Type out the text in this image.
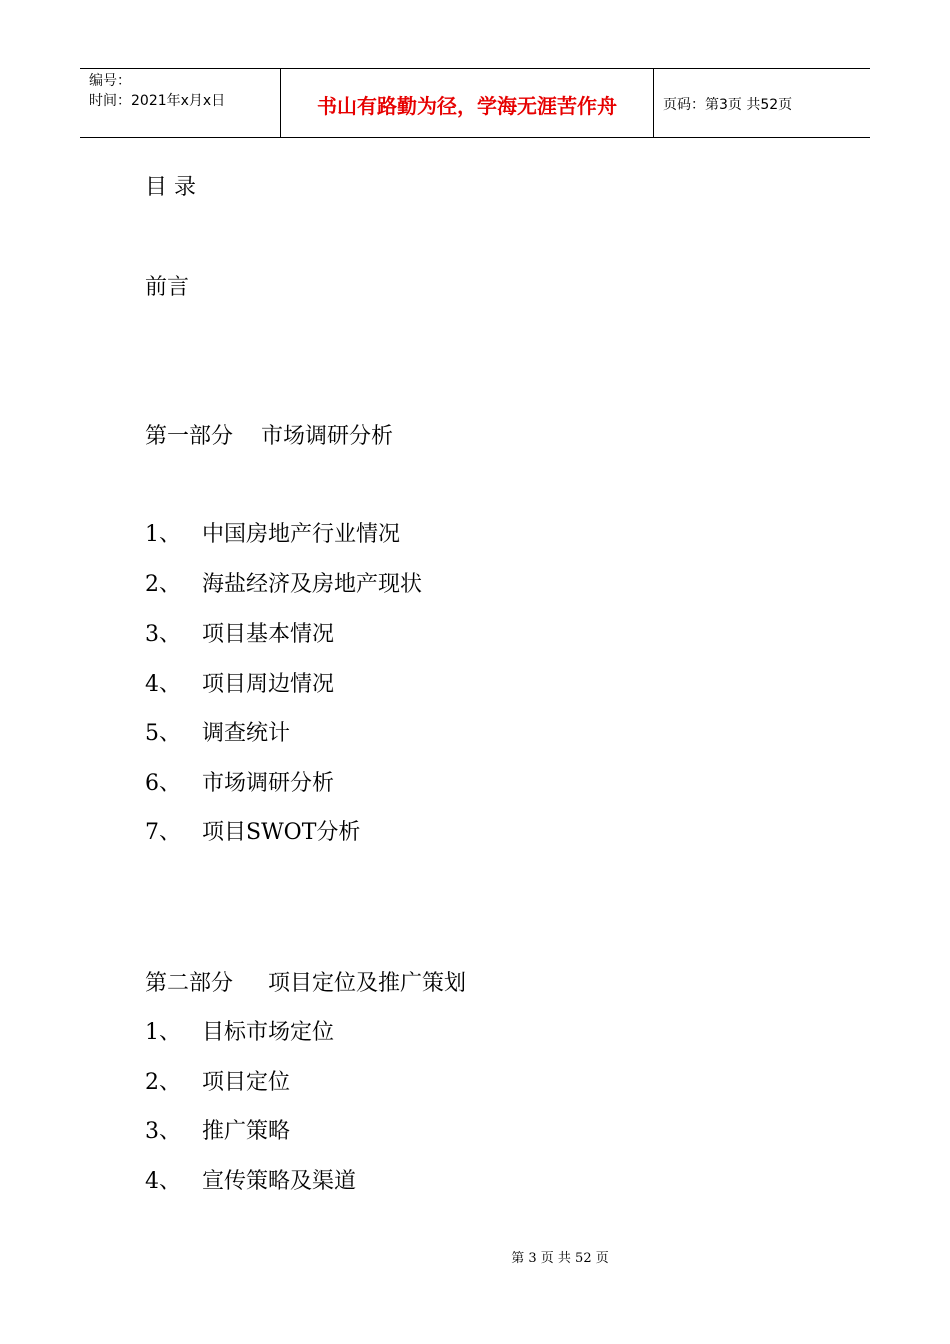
编号：
时间：2021年x月x日	书山有路勤为径，学海无涯苦作舟	页码：第3页 共52页
目 录
前言
第一部分    市场调研分析
1、 中国房地产行业情况
2、 海盐经济及房地产现状
3、 项目基本情况
4、 项目周边情况
5、 调查统计
6、 市场调研分析
7、 项目SWOT分析
第二部分     项目定位及推广策划
1、 目标市场定位
2、 项目定位
3、 推广策略
4、 宣传策略及渠道
第 3 页 共 52 页
